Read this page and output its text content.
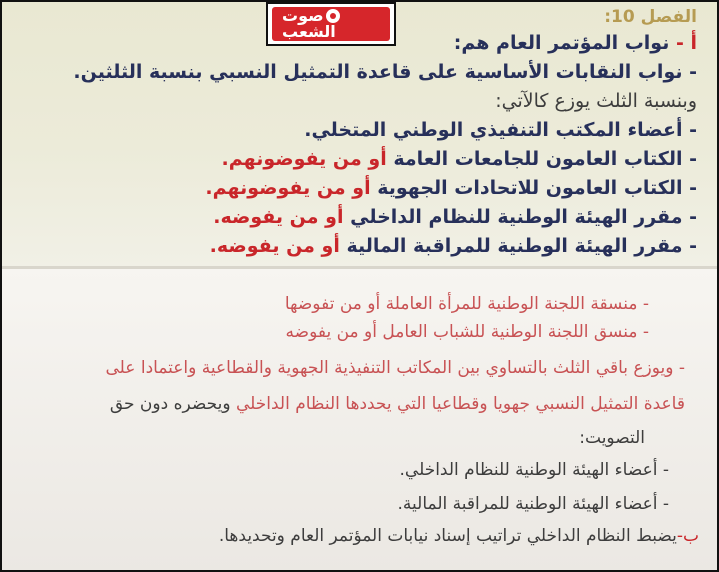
صوت
الشعب
الفصل 10:
أ - نواب المؤتمر العام هم:
- نواب النقابات الأساسية على قاعدة التمثيل النسبي بنسبة الثلثين.
وبنسبة الثلث يوزع كالآتي:
- أعضاء المكتب التنفيذي الوطني المتخلي.
- الكتاب العامون للجامعات العامة أو من يفوضونهم.
- الكتاب العامون للاتحادات الجهوية أو من يفوضونهم.
- مقرر الهيئة الوطنية للنظام الداخلي أو من يفوضه.
- مقرر الهيئة الوطنية للمراقبة المالية أو من يفوضه.
- منسقة اللجنة الوطنية للمرأة العاملة أو من تفوضها
- منسق اللجنة الوطنية للشباب العامل أو من يفوضه
- ويوزع باقي الثلث بالتساوي بين المكاتب التنفيذية الجهوية والقطاعية واعتمادا على
قاعدة التمثيل النسبي جهويا وقطاعيا التي يحددها النظام الداخلي ويحضره دون حق
التصويت:
- أعضاء الهيئة الوطنية للنظام الداخلي.
- أعضاء الهيئة الوطنية للمراقبة المالية.
ب-يضبط النظام الداخلي تراتيب إسناد نيابات المؤتمر العام وتحديدها.
